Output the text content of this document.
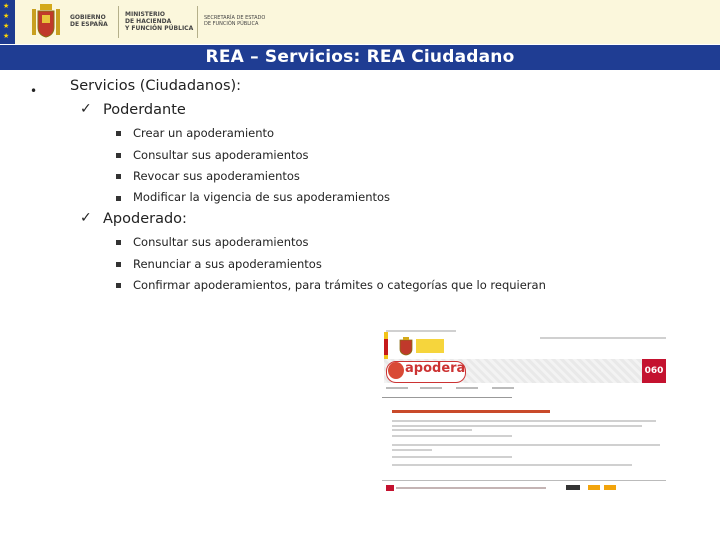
★
★
★
★
GOBIERNO
DE ESPAÑA
MINISTERIO
DE HACIENDA
Y FUNCIÓN PÚBLICA
SECRETARÍA DE ESTADO
DE FUNCIÓN PÚBLICA
REA – Servicios: REA Ciudadano
• Servicios (Ciudadanos):
✓ Poderdante
Crear un apoderamiento
Consultar sus apoderamientos
Revocar sus apoderamientos
Modificar la vigencia de sus apoderamientos
✓ Apoderado:
Consultar sus apoderamientos
Renunciar a sus apoderamientos
Confirmar apoderamientos, para trámites o categorías que lo requieran
apodera	060
